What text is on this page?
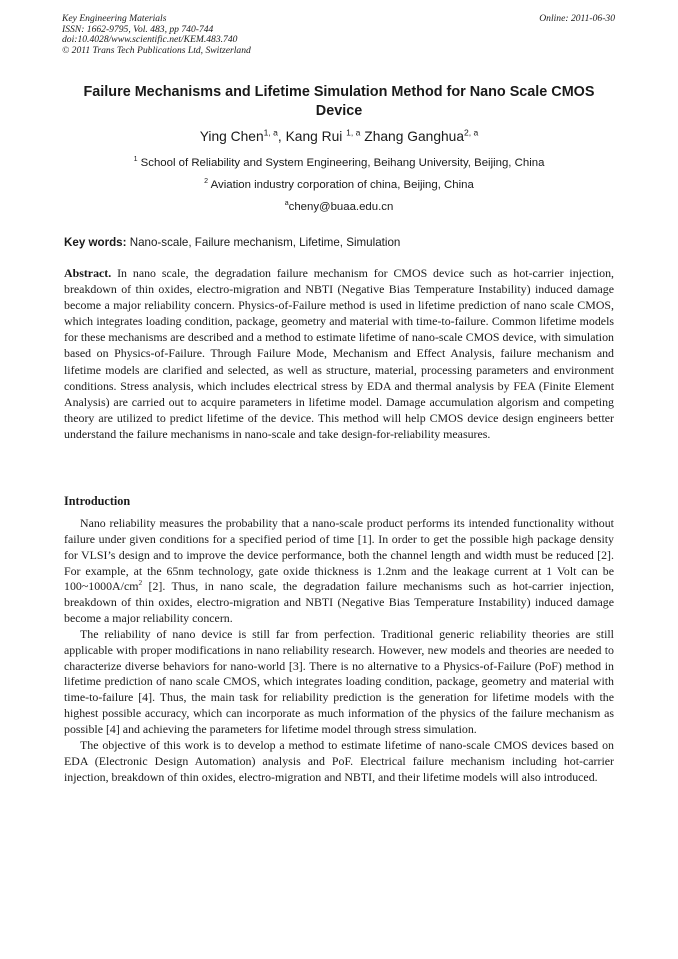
Key Engineering Materials
ISSN: 1662-9795, Vol. 483, pp 740-744
doi:10.4028/www.scientific.net/KEM.483.740
© 2011 Trans Tech Publications Ltd, Switzerland
Online: 2011-06-30
Failure Mechanisms and Lifetime Simulation Method for Nano Scale CMOS Device
Ying Chen$^{1, a}$, Kang Rui $^{1, a}$ Zhang Ganghua$^{2, a}$
$^1$ School of Reliability and System Engineering, Beihang University, Beijing, China
$^2$ Aviation industry corporation of china, Beijing, China
$^a$cheny@buaa.edu.cn
Key words: Nano-scale, Failure mechanism, Lifetime, Simulation
Abstract. In nano scale, the degradation failure mechanism for CMOS device such as hot-carrier injection, breakdown of thin oxides, electro-migration and NBTI (Negative Bias Temperature Instability) induced damage become a major reliability concern. Physics-of-Failure method is used in lifetime prediction of nano scale CMOS, which integrates loading condition, package, geometry and material with time-to-failure. Common lifetime models for these mechanisms are described and a method to estimate lifetime of nano-scale CMOS device, with simulation based on Physics-of-Failure. Through Failure Mode, Mechanism and Effect Analysis, failure mechanism and lifetime models are clarified and selected, as well as structure, material, processing parameters and environment conditions. Stress analysis, which includes electrical stress by EDA and thermal analysis by FEA (Finite Element Analysis) are carried out to acquire parameters in lifetime model. Damage accumulation algorism and competing theory are utilized to predict lifetime of the device. This method will help CMOS device design engineers better understand the failure mechanisms in nano-scale and take design-for-reliability measures.
Introduction

Nano reliability measures the probability that a nano-scale product performs its intended functionality without failure under given conditions for a specified period of time [1]. In order to get the possible high package density for VLSI’s design and to improve the device performance, both the channel length and width must be reduced [2]. For example, at the 65nm technology, gate oxide thickness is 1.2nm and the leakage current at 1 Volt can be $100\sim 1000A/cm^2$ [2]. Thus, in nano scale, the degradation failure mechanisms such as hot-carrier injection, breakdown of thin oxides, electro-migration and NBTI (Negative Bias Temperature Instability) induced damage become a major reliability concern.

The reliability of nano device is still far from perfection. Traditional generic reliability theories are still applicable with proper modifications in nano reliability research. However, new models and theories are needed to characterize diverse behaviors for nano-world [3]. There is no alternative to a Physics-of-Failure (PoF) method in lifetime prediction of nano scale CMOS, which integrates loading condition, package, geometry and material with time-to-failure [4]. Thus, the main task for reliability prediction is the generation for lifetime models with the highest possible accuracy, which can incorporate as much information of the physics of the failure mechanism as possible [4] and achieving the parameters for lifetime model through stress simulation.

The objective of this work is to develop a method to estimate lifetime of nano-scale CMOS devices based on EDA (Electronic Design Automation) analysis and PoF. Electrical failure mechanism including hot-carrier injection, breakdown of thin oxides, electro-migration and NBTI, and their lifetime models will also introduced.
